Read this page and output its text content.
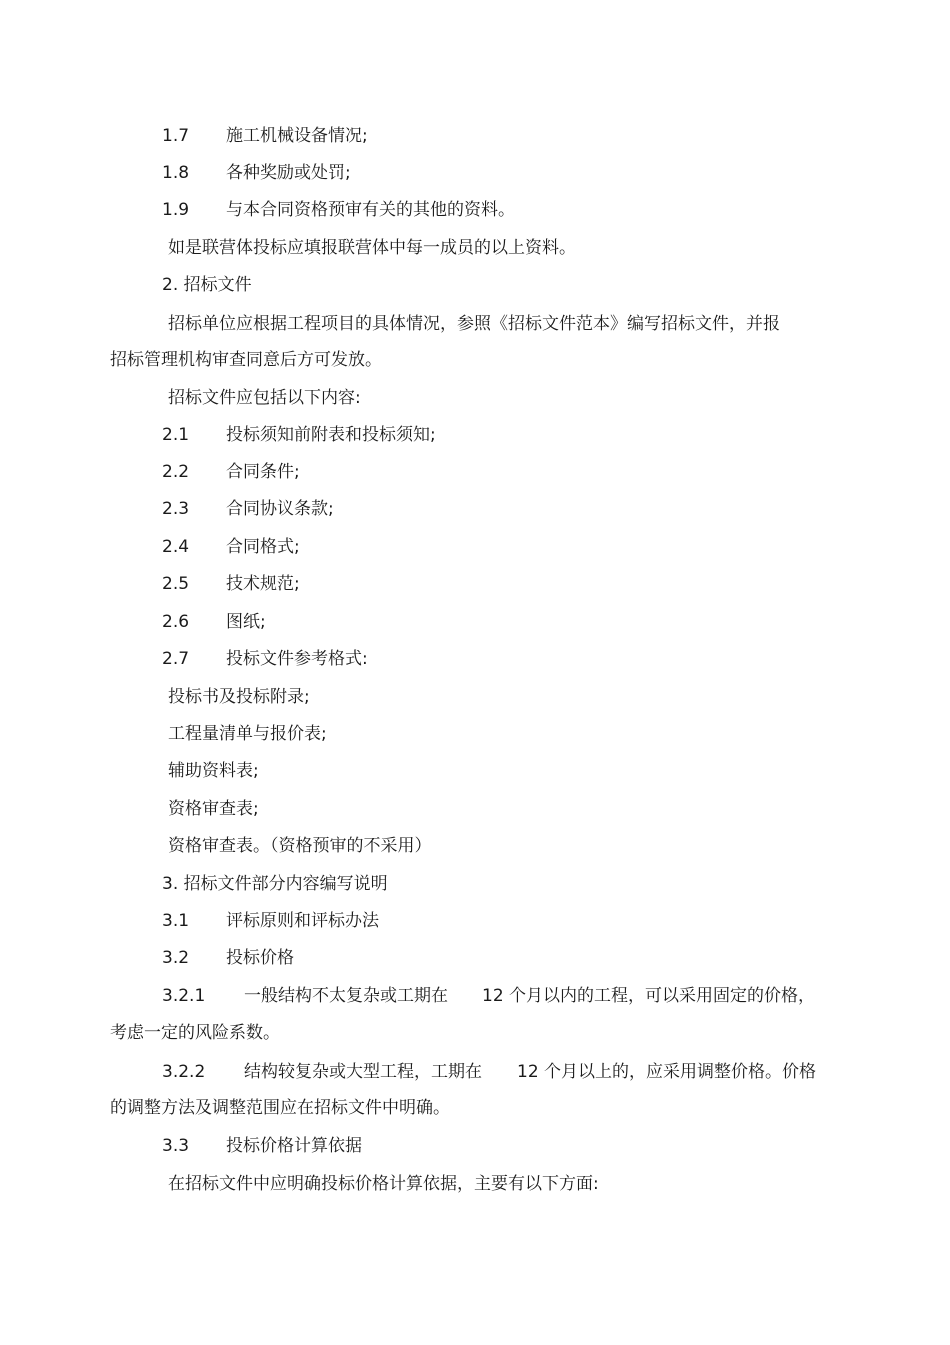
1.7 施工机械设备情况;
1.8 各种奖励或处罚;
1.9 与本合同资格预审有关的其他的资料。
如是联营体投标应填报联营体中每一成员的以上资料。
2. 招标文件
招标单位应根据工程项目的具体情况，参照《招标文件范本》编写招标文件，并报
招标管理机构审查同意后方可发放。
招标文件应包括以下内容:
2.1 投标须知前附表和投标须知;
2.2 合同条件;
2.3 合同协议条款;
2.4 合同格式;
2.5 技术规范;
2.6 图纸;
2.7 投标文件参考格式:
投标书及投标附录;
工程量清单与报价表;
辅助资料表;
资格审查表;
资格审查表。（资格预审的不采用）
3. 招标文件部分内容编写说明
3.1 评标原则和评标办法
3.2 投标价格
3.2.1 一般结构不太复杂或工期在 12 个月以内的工程，可以采用固定的价格，
考虑一定的风险系数。
3.2.2 结构较复杂或大型工程，工期在 12 个月以上的，应采用调整价格。价格
的调整方法及调整范围应在招标文件中明确。
3.3 投标价格计算依据
在招标文件中应明确投标价格计算依据，主要有以下方面:
